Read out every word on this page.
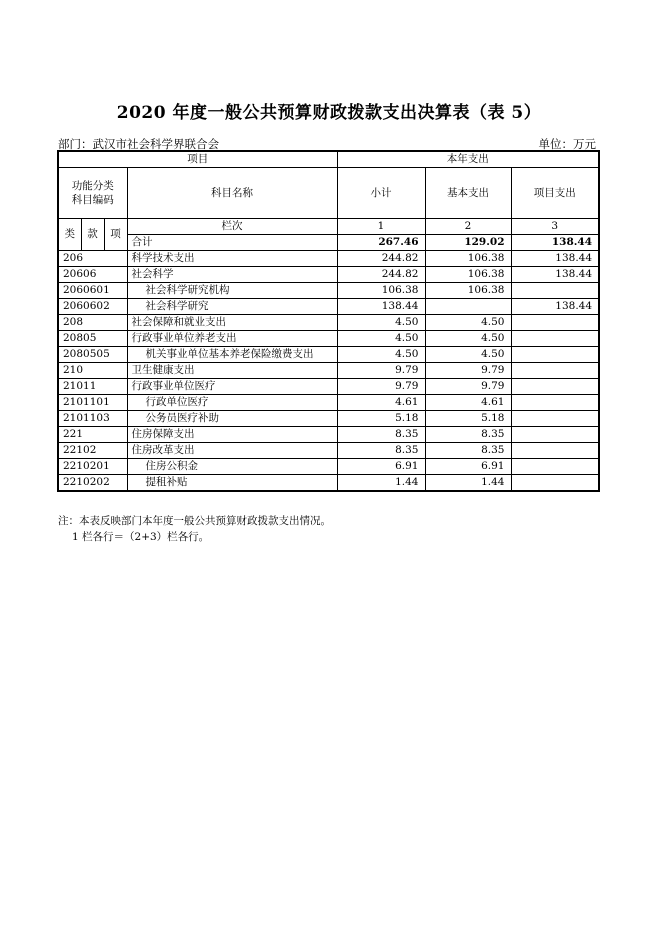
2020 年度一般公共预算财政拨款支出决算表（表 5）
部门：武汉市社会科学界联合会	单位：万元
项目				本年支出		
功能分类
科目编码			科目名称	小计	基本支出	项目支出

类	款	项	栏次	1	2	3
			合计	267.46	129.02	138.44
206			科学技术支出	244.82	106.38	138.44
20606			社会科学	244.82	106.38	138.44
2060601			社会科学研究机构	106.38	106.38	
2060602			社会科学研究	138.44		138.44
208			社会保障和就业支出	4.50	4.50	
20805			行政事业单位养老支出	4.50	4.50	
2080505			机关事业单位基本养老保险缴费支出	4.50	4.50	
210			卫生健康支出	9.79	9.79	
21011			行政事业单位医疗	9.79	9.79	
2101101			行政单位医疗	4.61	4.61	
2101103			公务员医疗补助	5.18	5.18	
221			住房保障支出	8.35	8.35	
22102			住房改革支出	8.35	8.35	
2210201			住房公积金	6.91	6.91	
2210202			提租补贴	1.44	1.44	
注：本表反映部门本年度一般公共预算财政拨款支出情况。
1 栏各行＝（2+3）栏各行。
